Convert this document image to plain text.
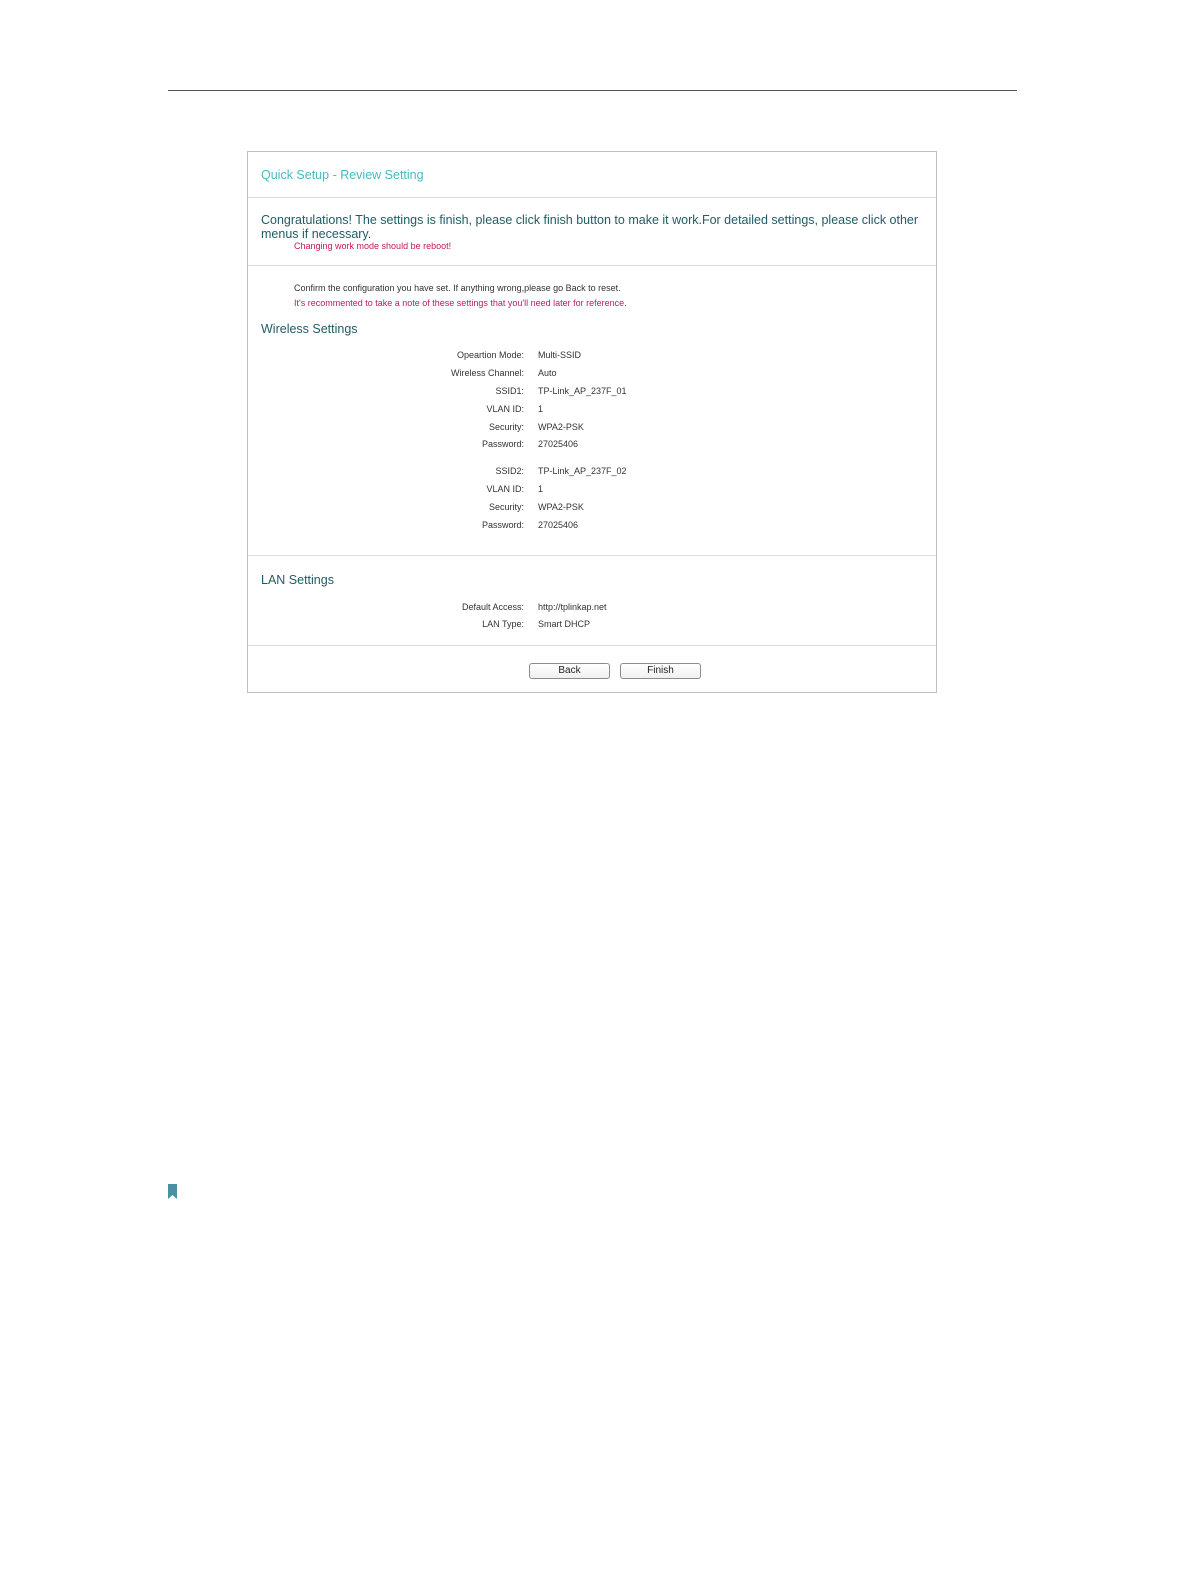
Quick Setup - Review Setting
Congratulations! The settings is finish, please click finish button to make it work.For detailed settings, please click other menus if necessary.
Changing work mode should be reboot!
Confirm the configuration you have set. If anything wrong,please go Back to reset.
It's recommented to take a note of these settings that you'll need later for reference.
Wireless Settings
Opeartion Mode: Multi-SSID
Wireless Channel: Auto
SSID1: TP-Link_AP_237F_01
VLAN ID: 1
Security: WPA2-PSK
Password: 27025406
SSID2: TP-Link_AP_237F_02
VLAN ID: 1
Security: WPA2-PSK
Password: 27025406
LAN Settings
Default Access: http://tplinkap.net
LAN Type: Smart DHCP
Back	Finish
